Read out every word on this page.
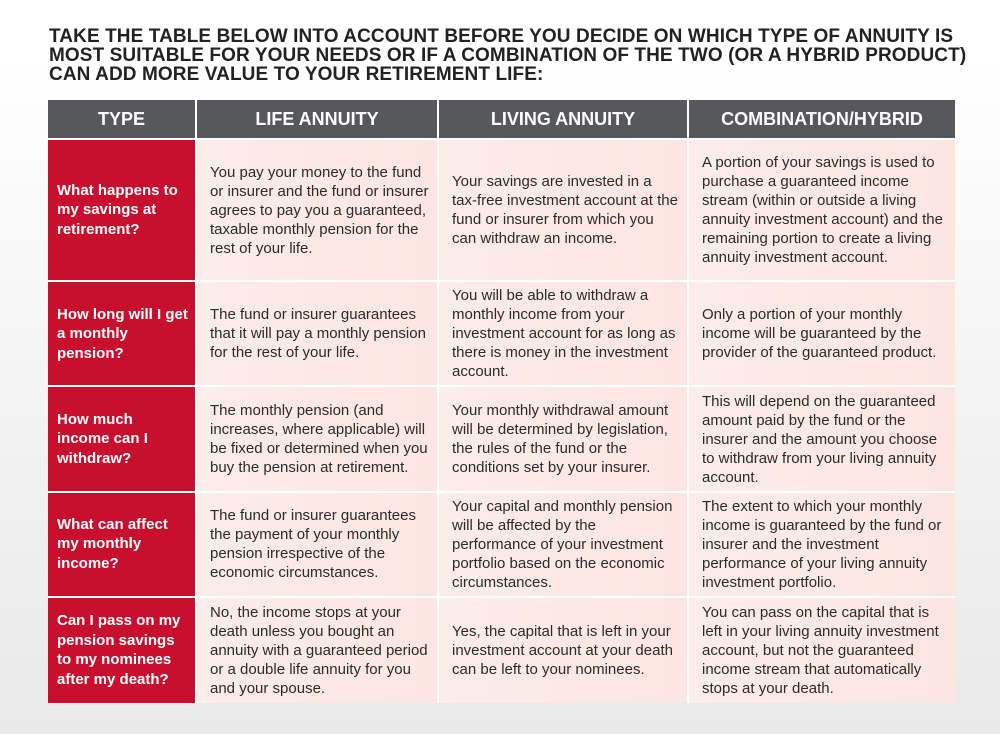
TAKE THE TABLE BELOW INTO ACCOUNT BEFORE YOU DECIDE ON WHICH TYPE OF ANNUITY IS
MOST SUITABLE FOR YOUR NEEDS OR IF A COMBINATION OF THE TWO (OR A HYBRID PRODUCT)
CAN ADD MORE VALUE TO YOUR RETIREMENT LIFE:
TYPE	LIFE ANNUITY	LIVING ANNUITY	COMBINATION/HYBRID
What happens to my savings at retirement?	You pay your money to the fund or insurer and the fund or insurer agrees to pay you a guaranteed, taxable monthly pension for the rest of your life.	Your savings are invested in a tax-free investment account at the fund or insurer from which you can withdraw an income.	A portion of your savings is used to purchase a guaranteed income stream (within or outside a living annuity investment account) and the remaining portion to create a living annuity investment account.
How long will I get a monthly pension?	The fund or insurer guarantees that it will pay a monthly pension for the rest of your life.	You will be able to withdraw a monthly income from your investment account for as long as there is money in the investment account.	Only a portion of your monthly income will be guaranteed by the provider of the guaranteed product.
How much income can I withdraw?	The monthly pension (and increases, where applicable) will be fixed or determined when you buy the pension at retirement.	Your monthly withdrawal amount will be determined by legislation, the rules of the fund or the conditions set by your insurer.	This will depend on the guaranteed amount paid by the fund or the insurer and the amount you choose to withdraw from your living annuity account.
What can affect my monthly income?	The fund or insurer guarantees the payment of your monthly pension irrespective of the economic circumstances.	Your capital and monthly pension will be affected by the performance of your investment portfolio based on the economic circumstances.	The extent to which your monthly income is guaranteed by the fund or insurer and the investment performance of your living annuity investment portfolio.
Can I pass on my pension savings to my nominees after my death?	No, the income stops at your death unless you bought an annuity with a guaranteed period or a double life annuity for you and your spouse.	Yes, the capital that is left in your investment account at your death can be left to your nominees.	You can pass on the capital that is left in your living annuity investment account, but not the guaranteed income stream that automatically stops at your death.
